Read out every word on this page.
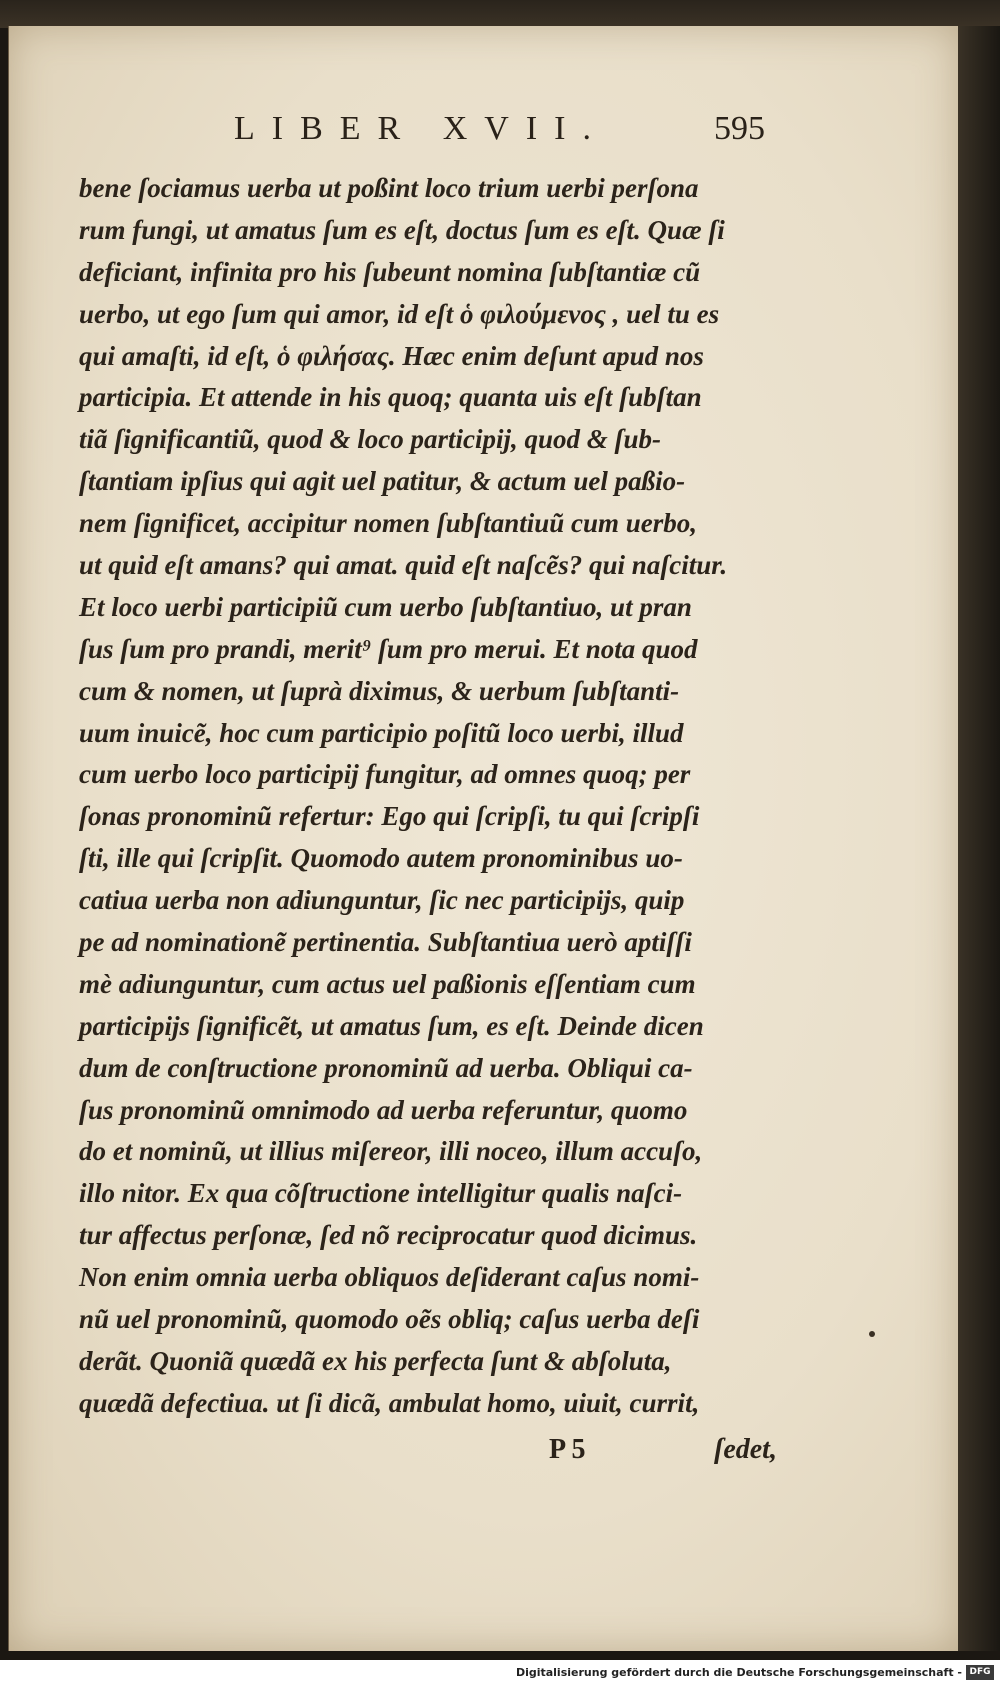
LIBER XVII.	595
bene ſociamus uerba ut poßint loco trium uerbi perſona
rum fungi, ut amatus ſum es eſt, doctus ſum es eſt. Quæ ſi
deficiant, infinita pro his ſubeunt nomina ſubſtantiæ cũ
uerbo, ut ego ſum qui amor, id eſt ὁ φιλούμενος , uel tu es
qui amaſti, id eſt, ὁ φιλήσας. Hæc enim deſunt apud nos
participia. Et attende in his quoq; quanta uis eſt ſubſtan
tiã ſignificantiũ, quod & loco participij, quod & ſub-
ſtantiam ipſius qui agit uel patitur, & actum uel paßio-
nem ſignificet, accipitur nomen ſubſtantiuũ cum uerbo,
ut quid eſt amans? qui amat. quid eſt naſcẽs? qui naſcitur.
Et loco uerbi participiũ cum uerbo ſubſtantiuo, ut pran
ſus ſum pro prandi, merit⁹ ſum pro merui. Et nota quod
cum & nomen, ut ſuprà diximus, & uerbum ſubſtanti-
uum inuicẽ, hoc cum participio poſitũ loco uerbi, illud
cum uerbo loco participij fungitur, ad omnes quoq; per
ſonas pronominũ refertur: Ego qui ſcripſi, tu qui ſcripſi
ſti, ille qui ſcripſit. Quomodo autem pronominibus uo-
catiua uerba non adiunguntur, ſic nec participijs, quip
pe ad nominationẽ pertinentia. Subſtantiua uerò aptiſſi
mè adiunguntur, cum actus uel paßionis eſſentiam cum
participijs ſignificẽt, ut amatus ſum, es eſt. Deinde dicen
dum de conſtructione pronominũ ad uerba. Obliqui ca-
ſus pronominũ omnimodo ad uerba referuntur, quomo
do et nominũ, ut illius miſereor, illi noceo, illum accuſo,
illo nitor. Ex qua cõſtructione intelligitur qualis naſci-
tur affectus perſonæ, ſed nõ reciprocatur quod dicimus.
Non enim omnia uerba obliquos deſiderant caſus nomi-
nũ uel pronominũ, quomodo oẽs obliq; caſus uerba deſi
derãt. Quoniã quædã ex his perfecta ſunt & abſoluta,
quædã defectiua. ut ſi dicã, ambulat homo, uiuit, currit,
P 5	ſedet,
Digitalisierung gefördert durch die Deutsche Forschungsgemeinschaft - DFG
